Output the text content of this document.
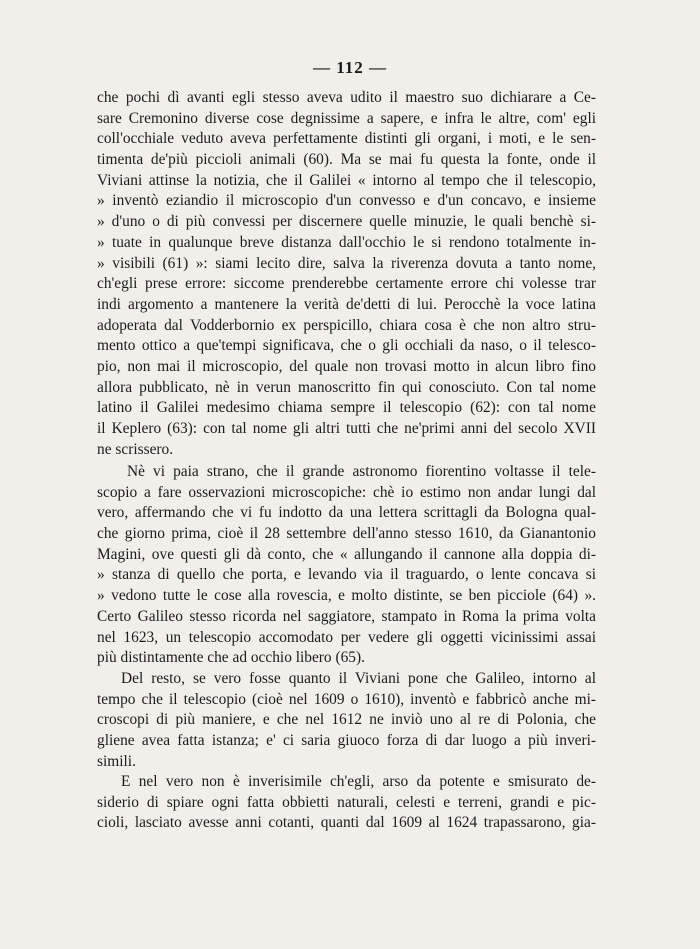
— 112 —
che pochi dì avanti egli stesso aveva udito il maestro suo dichiarare a Ce-
sare Cremonino diverse cose degnissime a sapere, e infra le altre, com' egli
coll'occhiale veduto aveva perfettamente distinti gli organi, i moti, e le sen-
timenta de'più piccioli animali (60). Ma se mai fu questa la fonte, onde il
Viviani attinse la notizia, che il Galilei « intorno al tempo che il telescopio,
» inventò eziandio il microscopio d'un convesso e d'un concavo, e insieme
» d'uno o di più convessi per discernere quelle minuzie, le quali benchè si-
» tuate in qualunque breve distanza dall'occhio le si rendono totalmente in-
» visibili (61) »: siami lecito dire, salva la riverenza dovuta a tanto nome,
ch'egli prese errore: siccome prenderebbe certamente errore chi volesse trar
indi argomento a mantenere la verità de'detti di lui. Perocchè la voce latina
adoperata dal Vodderbornio ex perspicillo, chiara cosa è che non altro stru-
mento ottico a que'tempi significava, che o gli occhiali da naso, o il telesco-
pio, non mai il microscopio, del quale non trovasi motto in alcun libro fino
allora pubblicato, nè in verun manoscritto fin qui conosciuto. Con tal nome
latino il Galilei medesimo chiama sempre il telescopio (62): con tal nome
il Keplero (63): con tal nome gli altri tutti che ne'primi anni del secolo XVII
ne scrissero.
Nè vi paia strano, che il grande astronomo fiorentino voltasse il tele-
scopio a fare osservazioni microscopiche: chè io estimo non andar lungi dal
vero, affermando che vi fu indotto da una lettera scrittagli da Bologna qual-
che giorno prima, cioè il 28 settembre dell'anno stesso 1610, da Gianantonio
Magini, ove questi gli dà conto, che « allungando il cannone alla doppia di-
» stanza di quello che porta, e levando via il traguardo, o lente concava si
» vedono tutte le cose alla rovescia, e molto distinte, se ben picciole (64) ».
Certo Galileo stesso ricorda nel saggiatore, stampato in Roma la prima volta
nel 1623, un telescopio accomodato per vedere gli oggetti vicinissimi assai
più distintamente che ad occhio libero (65).
Del resto, se vero fosse quanto il Viviani pone che Galileo, intorno al
tempo che il telescopio (cioè nel 1609 o 1610), inventò e fabbricò anche mi-
croscopi di più maniere, e che nel 1612 ne inviò uno al re di Polonia, che
gliene avea fatta istanza; e' ci saria giuoco forza di dar luogo a più inveri-
simili.
E nel vero non è inverisimile ch'egli, arso da potente e smisurato de-
siderio di spiare ogni fatta obbietti naturali, celesti e terreni, grandi e pic-
cioli, lasciato avesse anni cotanti, quanti dal 1609 al 1624 trapassarono, gia-
